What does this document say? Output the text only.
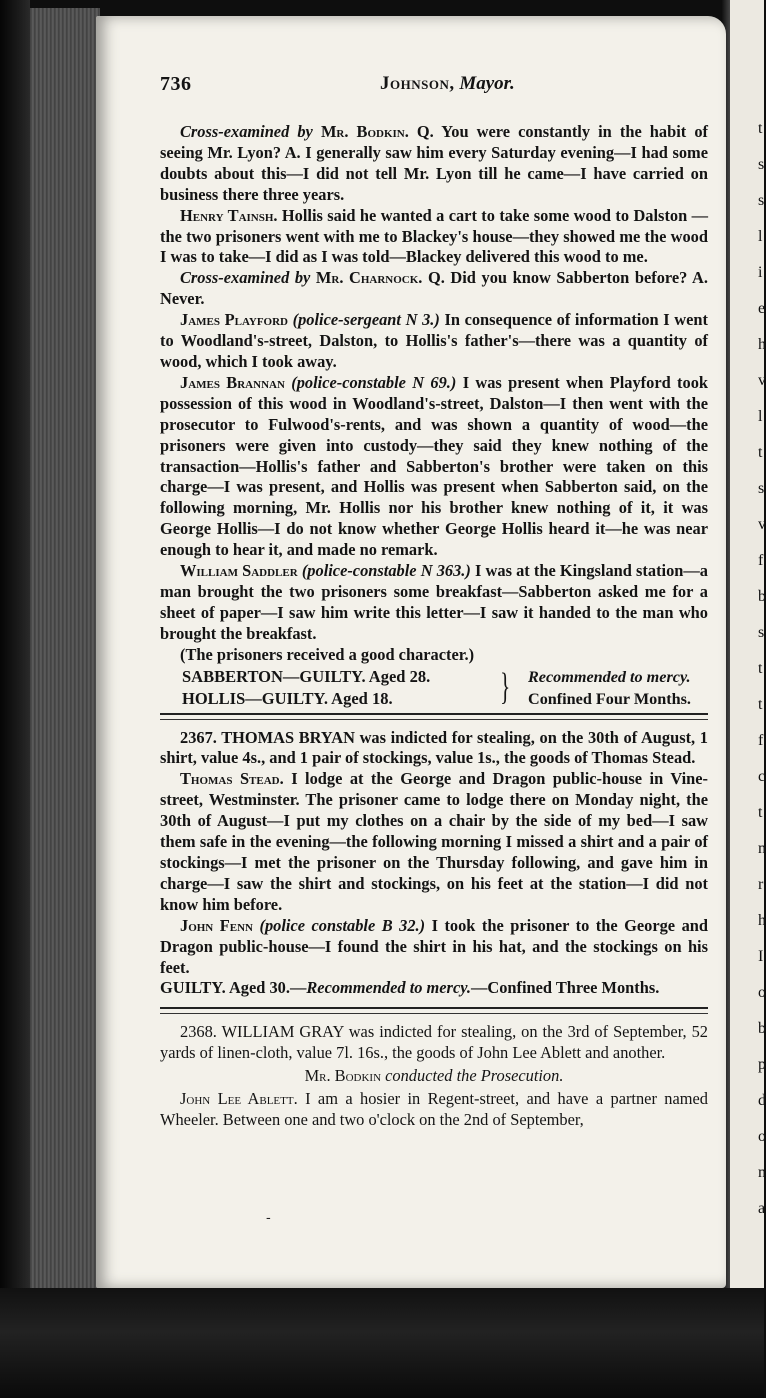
t
s
s
l
i
e
h
v
l
t
s
v
f
b
s
t
t
f
c
t
n
r
h
I
o
b
p
d
o
n
a
736	Johnson, Mayor.

Cross-examined by Mr. Bodkin. Q. You were constantly in the habit of seeing Mr. Lyon? A. I generally saw him every Saturday evening—I had some doubts about this—I did not tell Mr. Lyon till he came—I have carried on business there three years.

Henry Tainsh. Hollis said he wanted a cart to take some wood to Dalston — the two prisoners went with me to Blackey's house—they showed me the wood I was to take—I did as I was told—Blackey delivered this wood to me.

Cross-examined by Mr. Charnock. Q. Did you know Sabberton before? A. Never.

James Playford (police-sergeant N 3.) In consequence of information I went to Woodland's-street, Dalston, to Hollis's father's—there was a quantity of wood, which I took away.

James Brannan (police-constable N 69.) I was present when Playford took possession of this wood in Woodland's-street, Dalston—I then went with the prosecutor to Fulwood's-rents, and was shown a quantity of wood—the prisoners were given into custody—they said they knew nothing of the transaction—Hollis's father and Sabberton's brother were taken on this charge—I was present, and Hollis was present when Sabberton said, on the following morning, Mr. Hollis nor his brother knew nothing of it, it was George Hollis—I do not know whether George Hollis heard it—he was near enough to hear it, and made no remark.

William Saddler (police-constable N 363.) I was at the Kingsland station—a man brought the two prisoners some breakfast—Sabberton asked me for a sheet of paper—I saw him write this letter—I saw it handed to the man who brought the breakfast.

(The prisoners received a good character.)

SABBERTON—GUILTY. Aged 28.
HOLLIS—GUILTY. Aged 18.	} Recommended to mercy.
Confined Four Months.

2367. THOMAS BRYAN was indicted for stealing, on the 30th of August, 1 shirt, value 4s., and 1 pair of stockings, value 1s., the goods of Thomas Stead.

Thomas Stead. I lodge at the George and Dragon public-house in Vine-street, Westminster. The prisoner came to lodge there on Monday night, the 30th of August—I put my clothes on a chair by the side of my bed—I saw them safe in the evening—the following morning I missed a shirt and a pair of stockings—I met the prisoner on the Thursday following, and gave him in charge—I saw the shirt and stockings, on his feet at the station—I did not know him before.

John Fenn (police constable B 32.) I took the prisoner to the George and Dragon public-house—I found the shirt in his hat, and the stockings on his feet.

GUILTY. Aged 30.—Recommended to mercy.—Confined Three Months.

2368. WILLIAM GRAY was indicted for stealing, on the 3rd of September, 52 yards of linen-cloth, value 7l. 16s., the goods of John Lee Ablett and another.

Mr. Bodkin conducted the Prosecution.

John Lee Ablett. I am a hosier in Regent-street, and have a partner named Wheeler. Between one and two o'clock on the 2nd of September,

-
